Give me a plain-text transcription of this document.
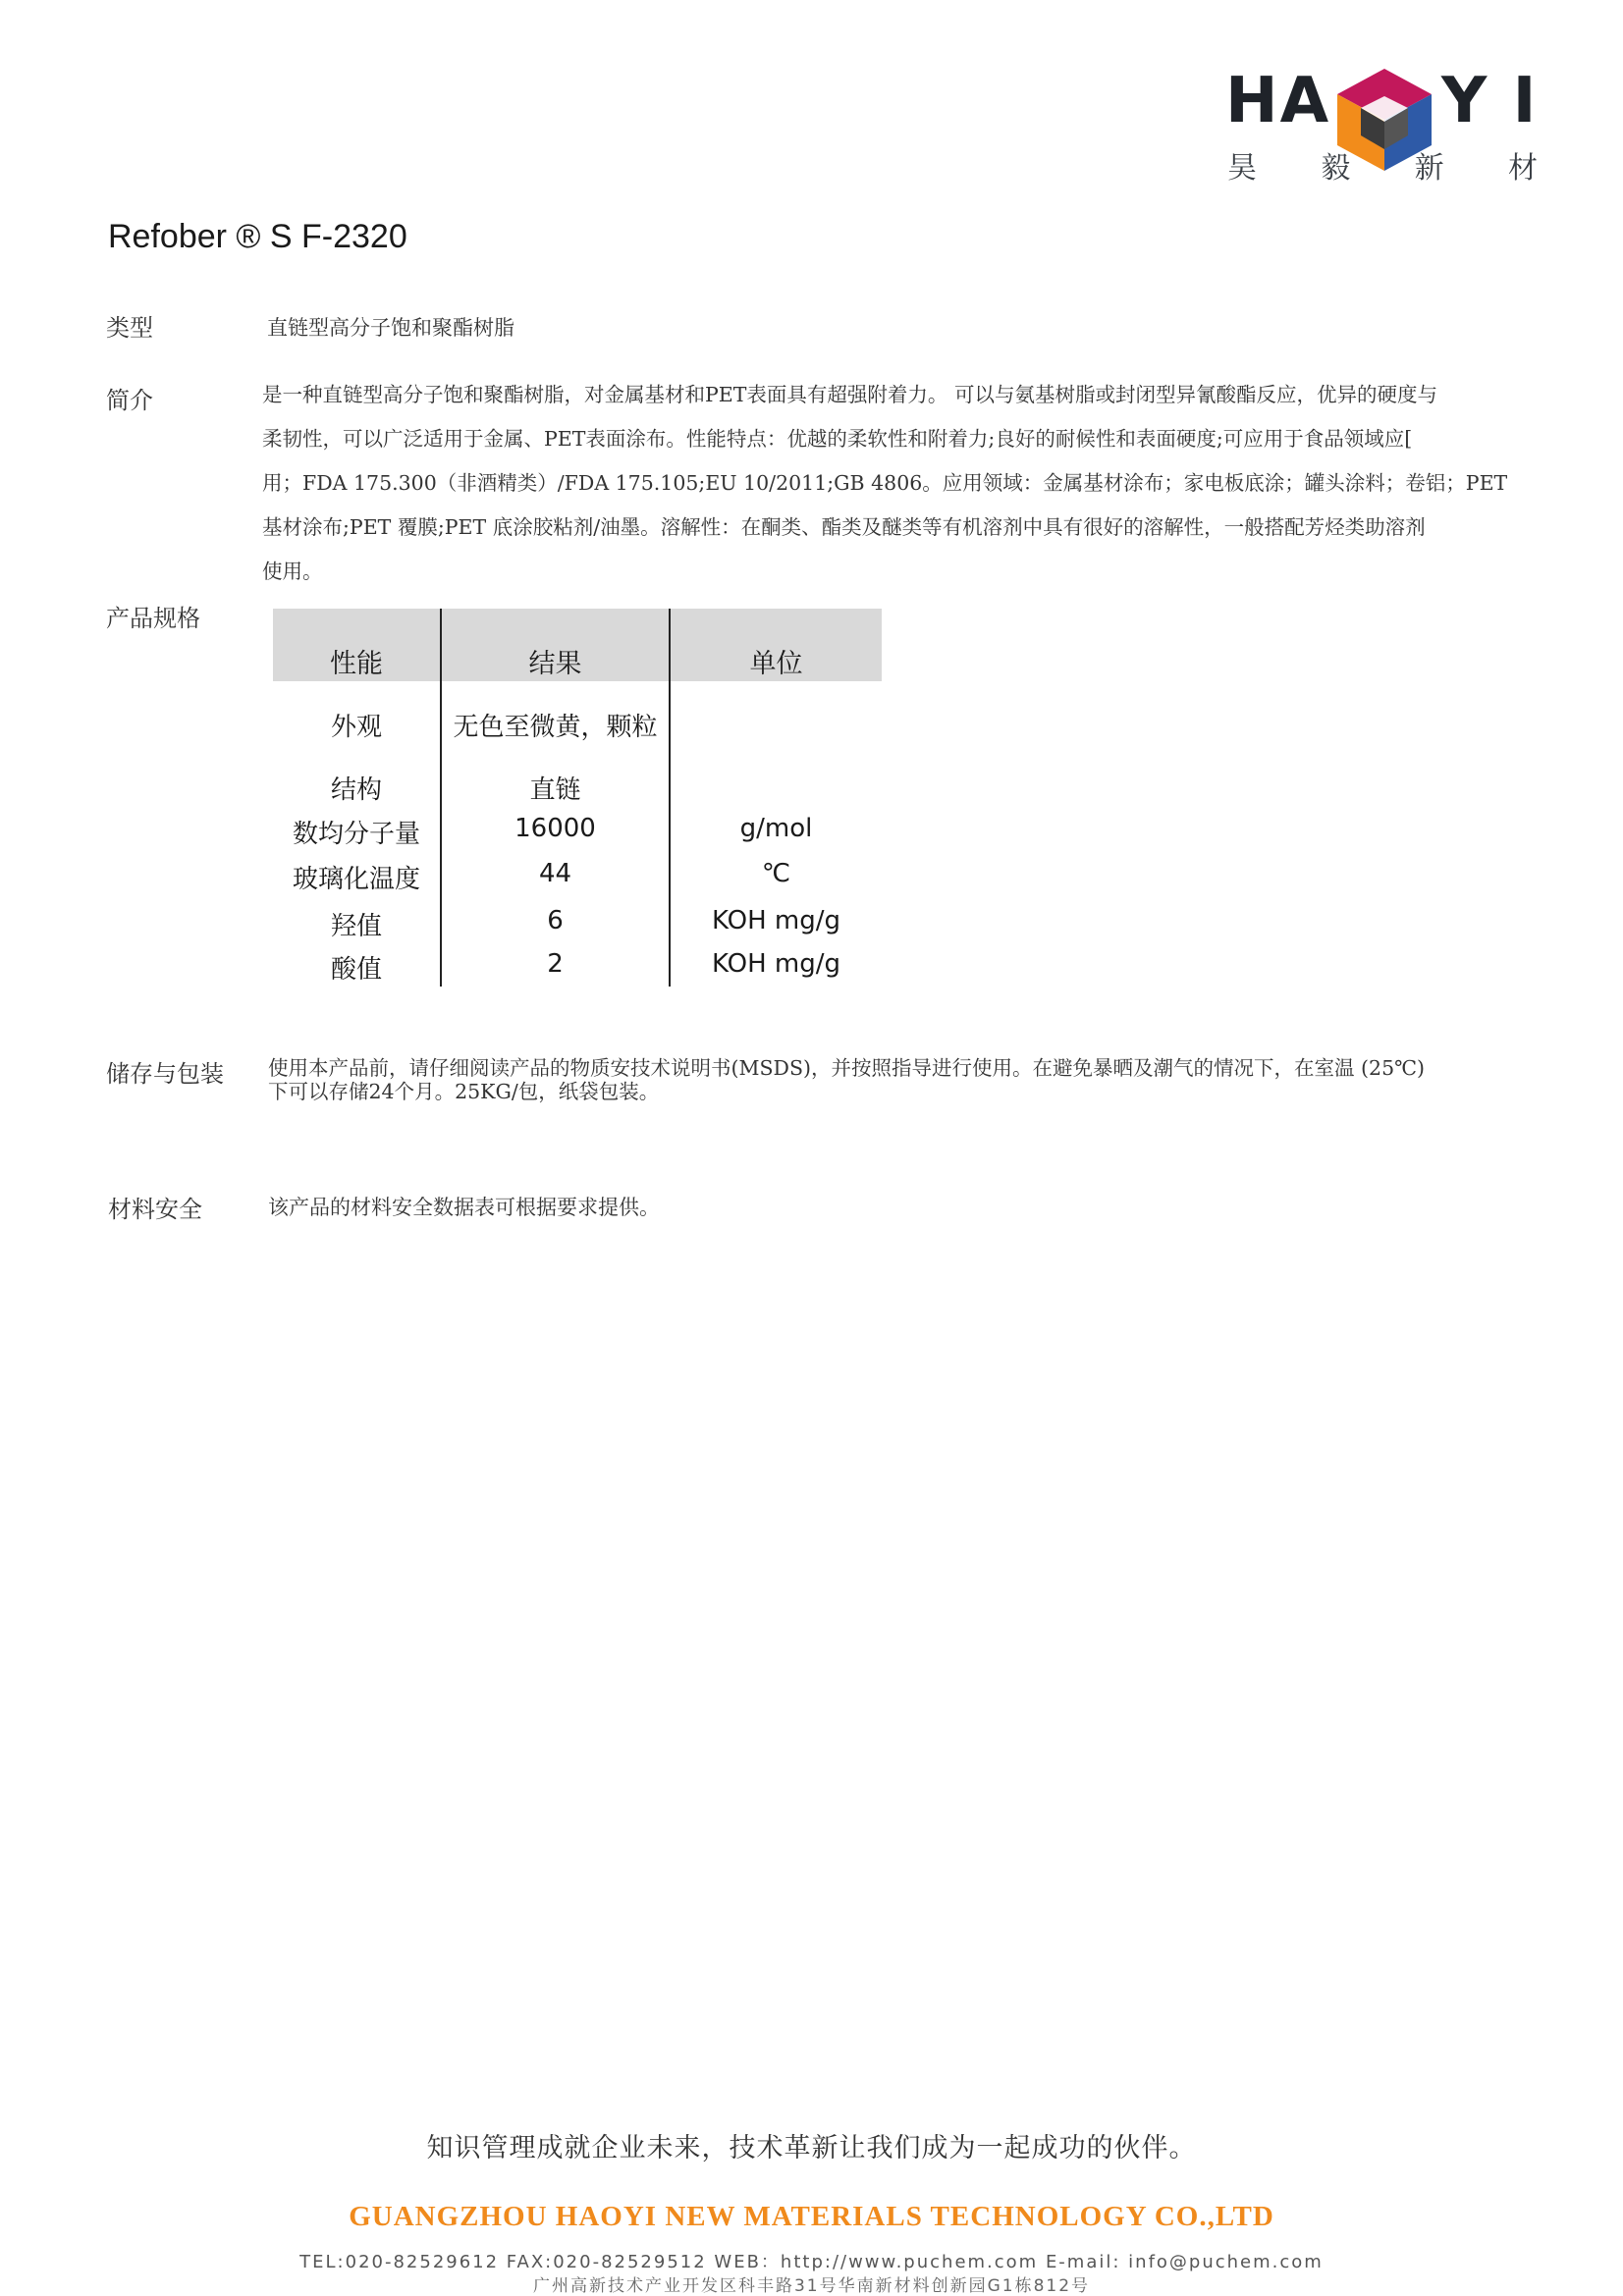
HA Y I
昊 毅 新 材
Refober ® S F-2320
类型	直链型高分子饱和聚酯树脂
简介	是一种直链型高分子饱和聚酯树脂，对金属基材和PET表面具有超强附着力。 可以与氨基树脂或封闭型异氰酸酯反应，优异的硬度与
柔韧性，可以广泛适用于金属、PET表面涂布。性能特点：优越的柔软性和附着力;良好的耐候性和表面硬度;可应用于食品领域应[
用；FDA 175.300（非酒精类）/FDA 175.105;EU 10/2011;GB 4806。应用领域：金属基材涂布；家电板底涂；罐头涂料；卷铝；PET
基材涂布;PET 覆膜;PET 底涂胶粘剂/油墨。溶解性：在酮类、酯类及醚类等有机溶剂中具有很好的溶解性，一般搭配芳烃类助溶剂
使用。
产品规格
性能	结果	单位
外观	无色至微黄，颗粒
结构	直链
数均分子量	16000	g/mol
玻璃化温度	44	℃
羟值	6	KOH mg/g
酸值	2	KOH mg/g
储存与包装 使用本产品前，请仔细阅读产品的物质安技术说明书(MSDS)，并按照指导进行使用。在避免暴晒及潮气的情况下，在室温 (25℃)
下可以存储24个月。25KG/包，纸袋包装。
材料安全	该产品的材料安全数据表可根据要求提供。
知识管理成就企业未来，技术革新让我们成为一起成功的伙伴。
GUANGZHOU HAOYI NEW MATERIALS TECHNOLOGY CO.,LTD
TEL:020-82529612 FAX:020-82529512 WEB：http://www.puchem.com E-mail: info@puchem.com
广州高新技术产业开发区科丰路31号华南新材料创新园G1栋812号
